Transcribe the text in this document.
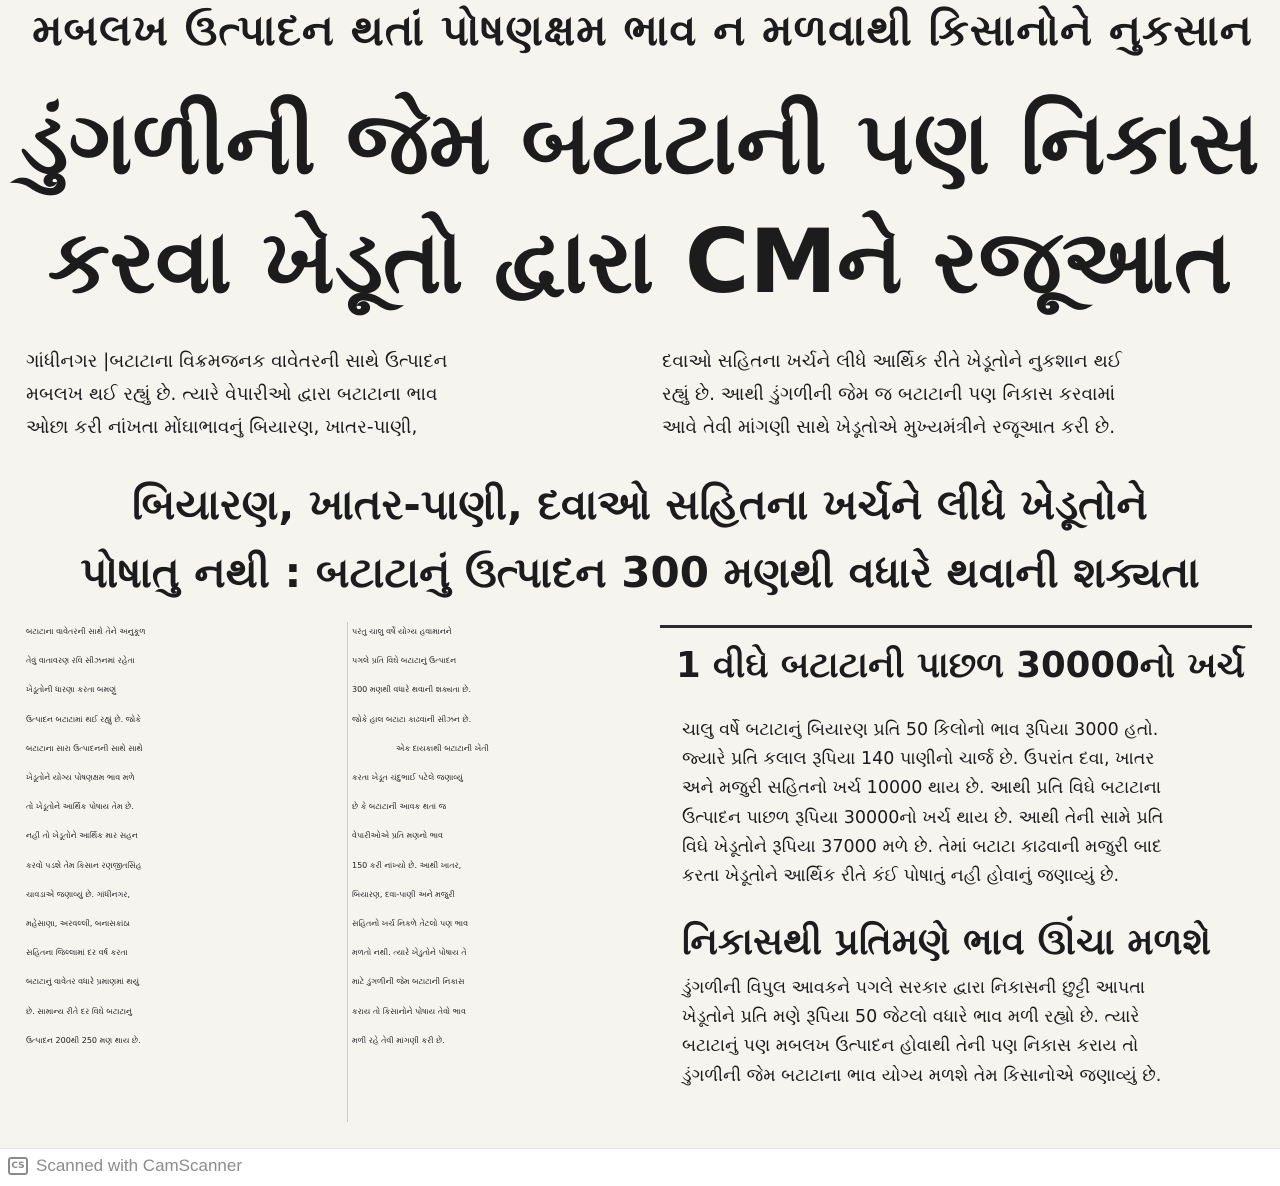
મબલખ ઉત્પાદન થતાં પોષણક્ષમ ભાવ ન મળવાથી કિસાનોને નુકસાન
ડુંગળીની જેમ બટાટાની પણ નિકાસ
કરવા ખેડૂતો દ્વારા CMને રજૂઆત
ગાંધીનગર |બટાટાના વિક્રમજનક વાવેતરની સાથે ઉત્પાદન
મબલખ થઈ રહ્યું છે. ત્યારે વેપારીઓ દ્વારા બટાટાના ભાવ
ઓછા કરી નાંખતા મોંઘાભાવનું બિયારણ, ખાતર-પાણી,
દવાઓ સહિતના ખર્ચને લીધે આર્થિક રીતે ખેડૂતોને નુકશાન થઈ
રહ્યું છે. આથી ડુંગળીની જેમ જ બટાટાની પણ નિકાસ કરવામાં
આવે તેવી માંગણી સાથે ખેડૂતોએ મુખ્યમંત્રીને રજૂઆત કરી છે.
બિયારણ, ખાતર-પાણી, દવાઓ સહિતના ખર્ચને લીધે ખેડૂતોને
પોષાતુ નથી : બટાટાનું ઉત્પાદન 300 મણથી વધારે થવાની શક્યતા

બટાટાના વાવેતરની સાથે તેને અનુકૂળ

તેવું વાતાવરણ રવિ સીઝનમાં રહેતા

ખેડૂતોની ધારણા કરતા બમણું

ઉત્પાદન બટાટામાં થઈ રહ્યું છે. જોકે

બટાટાના સારા ઉત્પાદનની સાથે સાથે

ખેડૂતોને યોગ્ય પોષણક્ષમ ભાવ મળે

તો ખેડૂતોને આર્થિક પોષાય તેમ છે.

નહી તો ખેડૂતોને આર્થિક માર સહન

કરવો પડશે તેમ કિસાન રણજીતસિંહ

ચાવડાએ જણાવ્યું છે. ગાંધીનગર,

મહેસાણા, અરવલ્લી, બનાસકાંઠા

સહિતના જિલ્લામાં દર વર્ષ કરતા

બટાટાનું વાવેતર વધારે પ્રમાણમાં થયું

છે. સામાન્ય રીતે દર વિઘે બટાટાનું

ઉત્પાદન 200થી 250 મણ થાય છે.

પરંતુ ચાલુ વર્ષે યોગ્ય હવામાનને

પગલે પ્રતિ વિઘે બટાટાનું ઉત્પાદન

300 મણથી વધારે થવાની શક્યતા છે.

જોકે હાલ બટાટા કાઢવાની સીઝન છે.

એક દાયકાથી બટાટાની ખેતી

કરતા ખેડૂત ચંદુભાઈ પટેલે જણાવ્યું

છે કે બટાટાની આવક થતાં જ

વેપારીઓએ પ્રતિ મણનો ભાવ

150 કરી નાંખ્યો છે. આથી ખાતર,

બિયારણ, દવા-પાણી અને મજુરી

સહિતનો ખર્ચ નિકળે તેટલો પણ ભાવ

મળતો નથી. ત્યારે ખેડુતોને પોષાય તે

માટે ડુંગળીની જેમ બટાટાની નિકાસ

કરાય તો કિસાનોને પોષાય તેવો ભાવ

મળી રહે તેવી માંગણી કરી છે.

1 વીઘે બટાટાની પાછળ 30000નો ખર્ચ

ચાલુ વર્ષે બટાટાનું બિયારણ પ્રતિ 50 કિલોનો ભાવ રૂપિયા 3000 હતો.

જ્યારે પ્રતિ કલાલ રૂપિયા 140 પાણીનો ચાર્જ છે. ઉપરાંત દવા, ખાતર

અને મજુરી સહિતનો ખર્ચ 10000 થાય છે. આથી પ્રતિ વિઘે બટાટાના

ઉત્પાદન પાછળ રૂપિયા 30000નો ખર્ચ થાય છે. આથી તેની સામે પ્રતિ

વિઘે ખેડૂતોને રૂપિયા 37000 મળે છે. તેમાં બટાટા કાઢવાની મજુરી બાદ

કરતા ખેડૂતોને આર્થિક રીતે કંઈ પોષાતું નહી હોવાનું જણાવ્યું છે.

નિકાસથી પ્રતિમણે ભાવ ઊંચા મળશે

ડુંગળીની વિપુલ આવકને પગલે સરકાર દ્વારા નિકાસની છુટ્ટી આપતા

ખેડૂતોને પ્રતિ મણે રૂપિયા 50 જેટલો વધારે ભાવ મળી રહ્યો છે. ત્યારે

બટાટાનું પણ મબલખ ઉત્પાદન હોવાથી તેની પણ નિકાસ કરાય તો

ડુંગળીની જેમ બટાટાના ભાવ યોગ્ય મળશે તેમ કિસાનોએ જણાવ્યું છે.

CS Scanned with CamScanner
